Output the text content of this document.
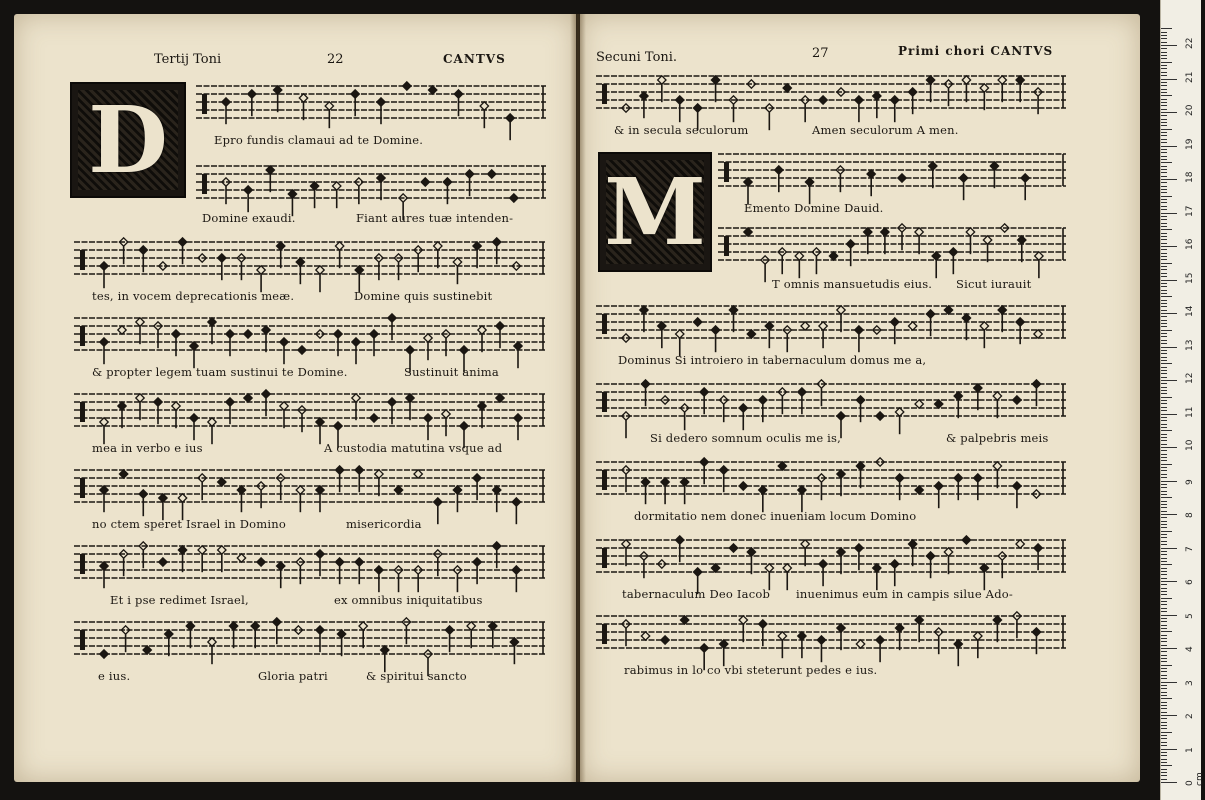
Tertij Toni	22	CANTVS
D
Secuni Toni.	27	Primi chori CANTVS
M
Epro fundis clamaui ad te Domine.
Domine exaudi.	Fiant aures tuæ intenden-
tes, in vocem deprecationis meæ.	Domine quis sustinebit
& propter legem tuam sustinui te Domine.	Sustinuit anima
mea in verbo e ius	A custodia matutina vsque ad
no ctem speret Israel in Domino	misericordia
Et i pse redimet Israel,	ex omnibus iniquitatibus
e ius.	Gloria patri	& spiritui sancto
& in secula seculorum	Amen seculorum A men.
Emento Domine Dauid.
T omnis mansuetudis eius. Sicut iurauit
Dominus Si introiero in tabernaculum domus me a,
Si dedero somnum oculis me is,	& palpebris meis
dormitatio nem donec inueniam locum Domino
tabernaculum Deo Iacob inuenimus eum in campis silue Ado-
rabimus in lo co vbi steterunt pedes e ius.
0 cm
1
2
3
4
5
6
7
8
9
10
11
12
13
14
15
16
17
18
19
20
21
22
